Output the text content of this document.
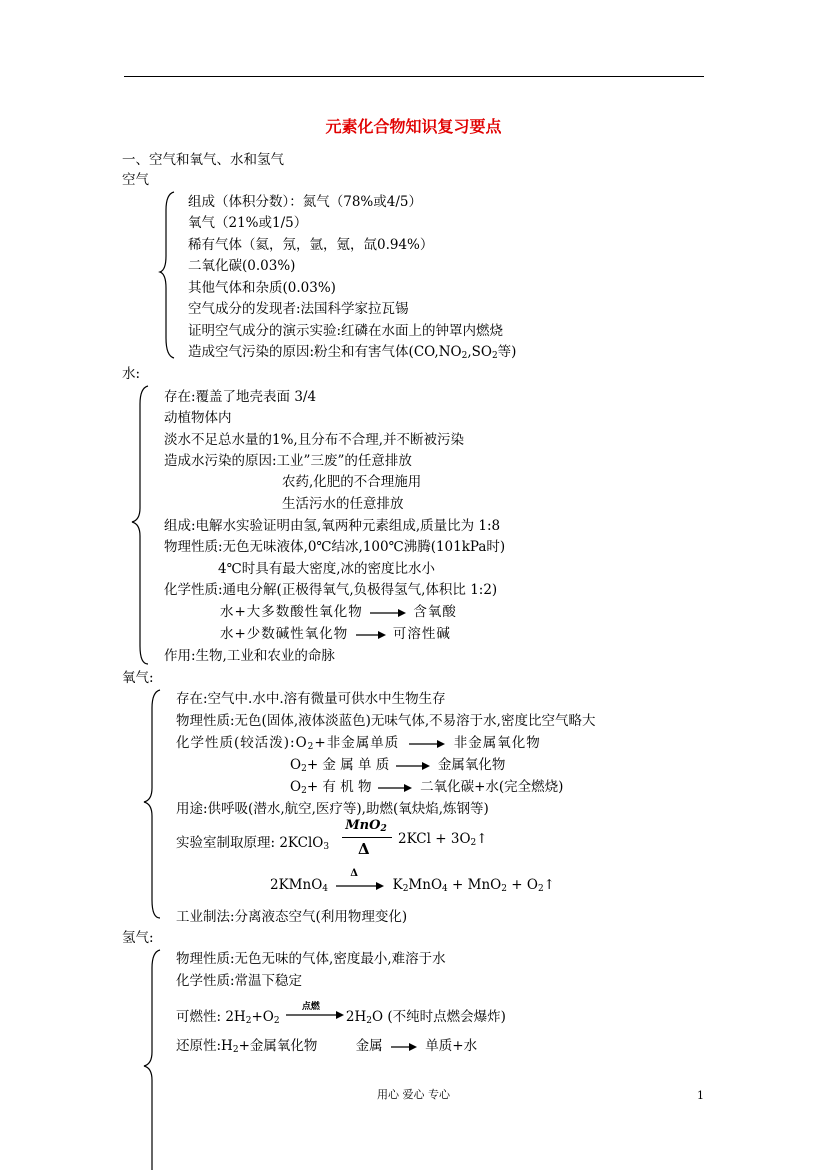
元素化合物知识复习要点
一、空气和氧气、水和氢气
空气
组成（体积分数）：氮气（78%或4/5）
氧气（21%或1/5）
稀有气体（氦，氖，氩，氪，氙0.94%）
二氧化碳(0.03%)
其他气体和杂质(0.03%)
空气成分的发现者:法国科学家拉瓦锡
证明空气成分的演示实验:红磷在水面上的钟罩内燃烧
造成空气污染的原因:粉尘和有害气体($CO,NO_2,SO_2$等)
水:
存在:覆盖了地壳表面 3/4
动植物体内
淡水不足总水量的1%,且分布不合理,并不断被污染
造成水污染的原因:工业”三废”的任意排放
农药,化肥的不合理施用
生活污水的任意排放
组成:电解水实验证明由氢,氧两种元素组成,质量比为 1:8
物理性质:无色无味液体,0℃结冰,100℃沸腾(101kPa时)
4℃时具有最大密度,冰的密度比水小
化学性质:通电分解(正极得氧气,负极得氢气,体积比 1:2)
水+大多数酸性氧化物	含氧酸
水+少数碱性氧化物	可溶性碱
作用:生物,工业和农业的命脉
氧气:
存在:空气中.水中.溶有微量可供水中生物生存
物理性质:无色(固体,液体淡蓝色)无味气体,不易溶于水,密度比空气略大
化学性质(较活泼)$:O_2+$非金属单质	非金属氧化物
$O_2+$ 金 属 单 质	金属氧化物
$O_2+$ 有 机 物	二氧化碳+水(完全燃烧)
用途:供呼吸(潜水,航空,医疗等),助燃(氧炔焰,炼钢等)
实验室制取原理: 2KClO$_3$
MnO$_2$
Δ
$2KCl + 3O_2↑$
2KMnO$_4$
Δ
$K_2MnO_4 + MnO_2$ + $O_2↑$
工业制法:分离液态空气(利用物理变化)
氢气:
物理性质:无色无味的气体,密度最小,难溶于水
化学性质:常温下稳定
可燃性: $2H_2+O_2$
点燃
$2H_2O$ (不纯时点燃会爆炸)
还原性$:H_2+$金属氧化物	金属	单质+水
用心 爱心 专心	1
